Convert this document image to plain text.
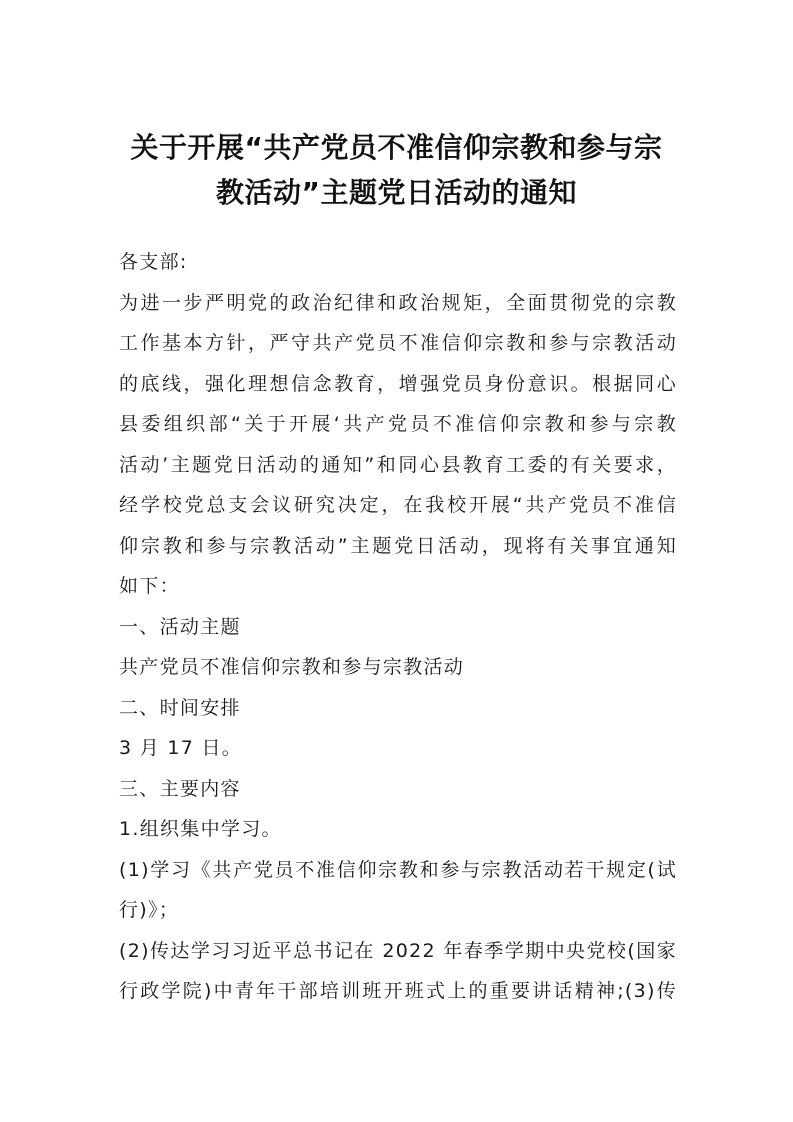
关于开展“共产党员不准信仰宗教和参与宗
教活动”主题党日活动的通知
各支部:
为进一步严明党的政治纪律和政治规矩，全面贯彻党的宗教
工作基本方针，严守共产党员不准信仰宗教和参与宗教活动
的底线，强化理想信念教育，增强党员身份意识。根据同心
县委组织部“关于开展‘共产党员不准信仰宗教和参与宗教
活动’主题党日活动的通知”和同心县教育工委的有关要求，
经学校党总支会议研究决定，在我校开展“共产党员不准信
仰宗教和参与宗教活动”主题党日活动，现将有关事宜通知
如下：
一、活动主题
共产党员不准信仰宗教和参与宗教活动
二、时间安排
3 月 17 日。
三、主要内容
1.组织集中学习。
(1)学习《共产党员不准信仰宗教和参与宗教活动若干规定(试
行)》；
(2)传达学习习近平总书记在 2022 年春季学期中央党校(国家
行政学院)中青年干部培训班开班式上的重要讲话精神;(3)传
